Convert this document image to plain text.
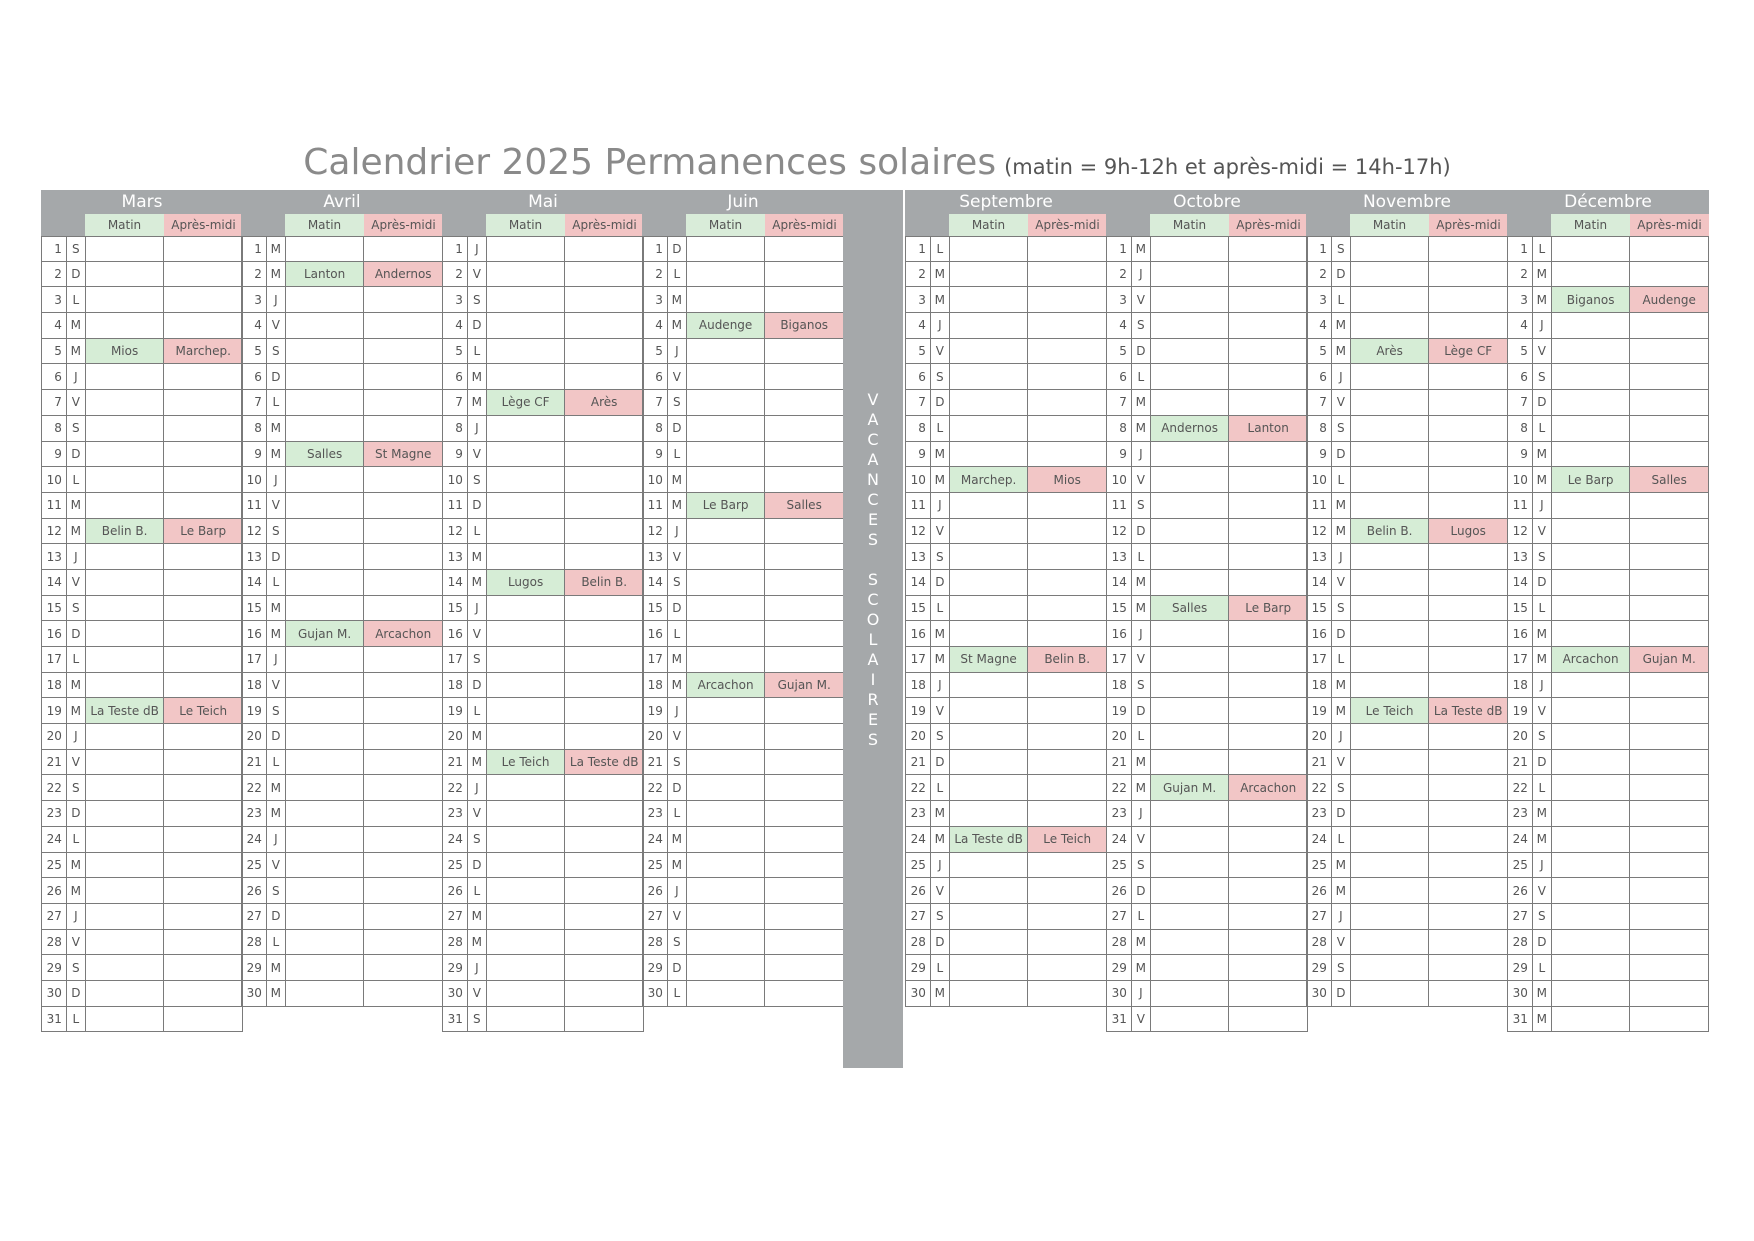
Calendrier 2025 Permanences solaires (matin = 9h-12h et après-midi = 14h-17h)
Mars
Matin	Après-midi
1 S
2 D
3 L
4 M
5 M	Mios	Marchep.
6	J
7 V
8 S
9 D
10 L
11 M
12 M	Belin B.	Le Barp
13	J
14 V
15 S
16 D
17 L
18 M
19 M La Teste dB	Le Teich
20	J
21 V
22 S
23 D
24 L
25 M
26 M
27	J
28 V
29 S
30 D
31 L
Avril
Matin	Après-midi
1 M
2 M	Lanton	Andernos
3	J
4 V
5 S
6 D
7 L
8 M
9 M	Salles	St Magne
10	J
11 V
12 S
13 D
14 L
15 M
16 M	Gujan M.	Arcachon
17	J
18 V
19 S
20 D
21 L
22 M
23 M
24	J
25 V
26 S
27 D
28 L
29 M
30 M
Mai
Matin	Après-midi
1	J
2 V
3 S
4 D
5 L
6 M
7 M	Lège CF	Arès
8	J
9 V
10 S
11 D
12 L
13 M
14 M	Lugos	Belin B.
15	J
16 V
17 S
18 D
19 L
20 M
21 M	Le Teich	La Teste dB
22	J
23 V
24 S
25 D
26 L
27 M
28 M
29	J
30 V
31 S
Juin
Matin	Après-midi
1 D
2 L
3 M
4 M	Audenge	Biganos
5	J
6 V
7 S
8 D
9 L
10 M
11 M	Le Barp	Salles
12	J
13 V
14 S
15 D
16 L
17 M
18 M	Arcachon	Gujan M.
19	J
20 V
21 S
22 D
23 L
24 M
25 M
26	J
27 V
28 S
29 D
30 L
Septembre
Matin	Après-midi
1 L
2 M
3 M
4	J
5 V
6 S
7 D
8 L
9 M
10 M	Marchep.	Mios
11	J
12 V
13 S
14 D
15 L
16 M
17 M	St Magne	Belin B.
18	J
19 V
20 S
21 D
22 L
23 M
24 M La Teste dB	Le Teich
25	J
26 V
27 S
28 D
29 L
30 M
Octobre
Matin	Après-midi
1 M
2	J
3 V
4 S
5 D
6 L
7 M
8 M	Andernos	Lanton
9	J
10 V
11 S
12 D
13 L
14 M
15 M	Salles	Le Barp
16	J
17 V
18 S
19 D
20 L
21 M
22 M	Gujan M.	Arcachon
23	J
24 V
25 S
26 D
27 L
28 M
29 M
30	J
31 V
Novembre
Matin	Après-midi
1 S
2 D
3 L
4 M
5 M	Arès	Lège CF
6	J
7 V
8 S
9 D
10 L
11 M
12 M	Belin B.	Lugos
13	J
14 V
15 S
16 D
17 L
18 M
19 M	Le Teich	La Teste dB
20	J
21 V
22 S
23 D
24 L
25 M
26 M
27	J
28 V
29 S
30 D
Décembre
Matin	Après-midi
1 L
2 M
3 M	Biganos	Audenge
4	J
5 V
6 S
7 D
8 L
9 M
10 M	Le Barp	Salles
11	J
12 V
13 S
14 D
15 L
16 M
17 M	Arcachon	Gujan M.
18	J
19 V
20 S
21 D
22 L
23 M
24 M
25	J
26 V
27 S
28 D
29 L
30 M
31 M
V
A
C
A
N
C
E
S
S
C
O
L
A
I
R
E
S
